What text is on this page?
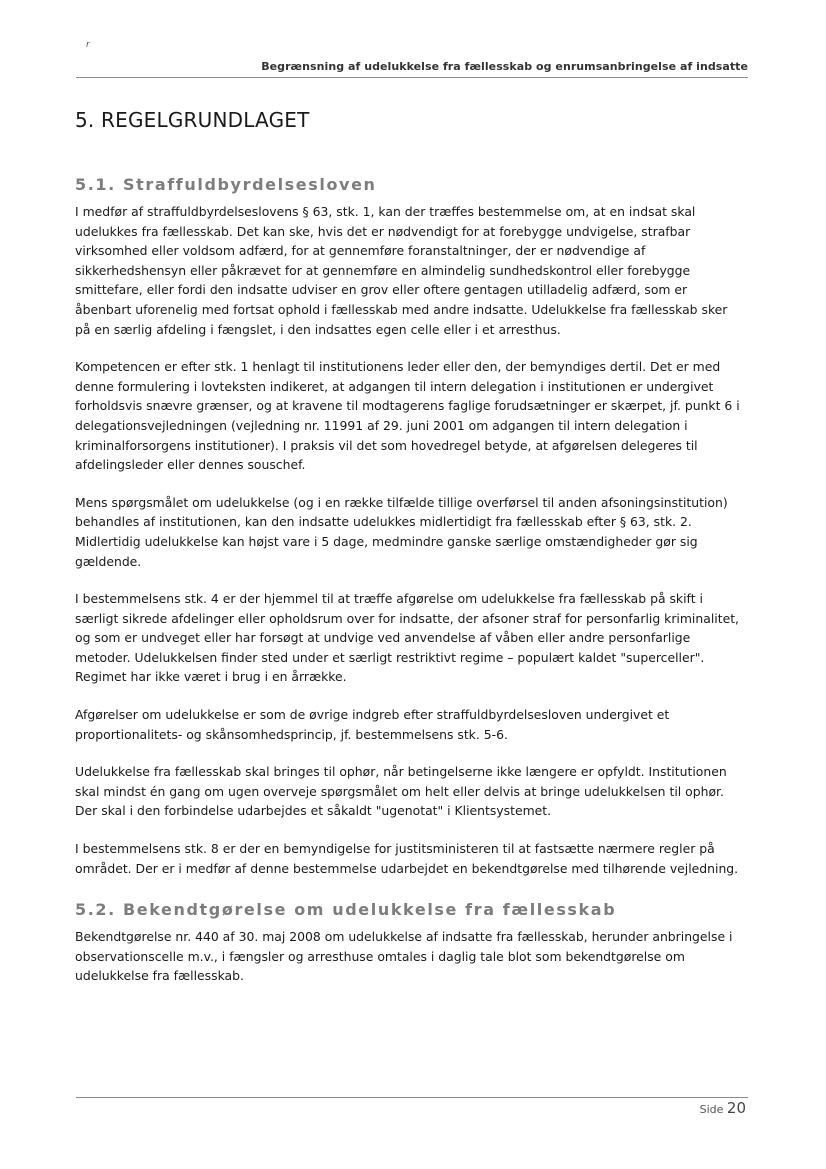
r
Begrænsning af udelukkelse fra fællesskab og enrumsanbringelse af indsatte
5. REGELGRUNDLAGET
5.1. Straffuldbyrdelsesloven

I medfør af straffuldbyrdelseslovens § 63, stk. 1, kan der træffes bestemmelse om, at en indsat skal udelukkes fra fællesskab. Det kan ske, hvis det er nødvendigt for at forebygge undvigelse, strafbar virksomhed eller voldsom adfærd, for at gennemføre foranstaltninger, der er nødvendige af sikkerhedshensyn eller påkrævet for at gennemføre en almindelig sundhedskontrol eller forebygge smittefare, eller fordi den indsatte udviser en grov eller oftere gentagen utilladelig adfærd, som er åbenbart uforenelig med fortsat ophold i fællesskab med andre indsatte. Udelukkelse fra fællesskab sker på en særlig afdeling i fængslet, i den indsattes egen celle eller i et arresthus.

Kompetencen er efter stk. 1 henlagt til institutionens leder eller den, der bemyndiges dertil. Det er med denne formulering i lovteksten indikeret, at adgangen til intern delegation i institutionen er undergivet forholdsvis snævre grænser, og at kravene til modtagerens faglige forudsætninger er skærpet, jf. punkt 6 i delegationsvejledningen (vejledning nr. 11991 af 29. juni 2001 om adgangen til intern delegation i kriminalforsorgens institutioner). I praksis vil det som hovedregel betyde, at afgørelsen delegeres til afdelingsleder eller dennes souschef.

Mens spørgsmålet om udelukkelse (og i en række tilfælde tillige overførsel til anden afsoningsinstitution) behandles af institutionen, kan den indsatte udelukkes midlertidigt fra fællesskab efter § 63, stk. 2. Midlertidig udelukkelse kan højst vare i 5 dage, medmindre ganske særlige omstændigheder gør sig gældende.

I bestemmelsens stk. 4 er der hjemmel til at træffe afgørelse om udelukkelse fra fællesskab på skift i særligt sikrede afdelinger eller opholdsrum over for indsatte, der afsoner straf for personfarlig kriminalitet, og som er undveget eller har forsøgt at undvige ved anvendelse af våben eller andre personfarlige metoder. Udelukkelsen finder sted under et særligt restriktivt regime – populært kaldet "superceller". Regimet har ikke været i brug i en årrække.

Afgørelser om udelukkelse er som de øvrige indgreb efter straffuldbyrdelsesloven undergivet et proportionalitets- og skånsomhedsprincip, jf. bestemmelsens stk. 5-6.

Udelukkelse fra fællesskab skal bringes til ophør, når betingelserne ikke længere er opfyldt. Institutionen skal mindst én gang om ugen overveje spørgsmålet om helt eller delvis at bringe udelukkelsen til ophør. Der skal i den forbindelse udarbejdes et såkaldt "ugenotat" i Klientsystemet.

I bestemmelsens stk. 8 er der en bemyndigelse for justitsministeren til at fastsætte nærmere regler på området. Der er i medfør af denne bestemmelse udarbejdet en bekendtgørelse med tilhørende vejledning.

5.2. Bekendtgørelse om udelukkelse fra fællesskab

Bekendtgørelse nr. 440 af 30. maj 2008 om udelukkelse af indsatte fra fællesskab, herunder anbringelse i observationscelle m.v., i fængsler og arresthuse omtales i daglig tale blot som bekendtgørelse om udelukkelse fra fællesskab.

Side 20
